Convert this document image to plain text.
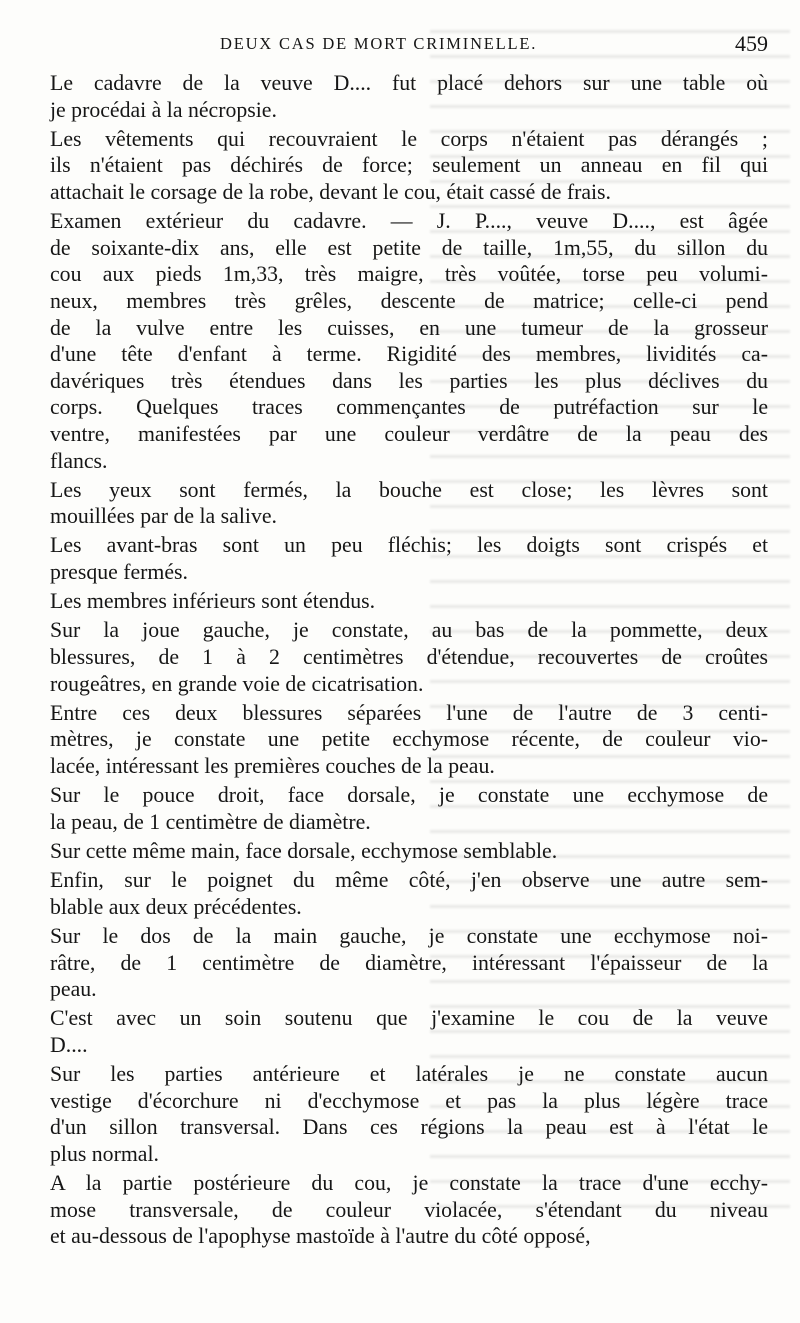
DEUX CAS DE MORT CRIMINELLE.	459
Le cadavre de la veuve D.... fut placé dehors sur une table où
je procédai à la nécropsie.
Les vêtements qui recouvraient le corps n'étaient pas dérangés ;
ils n'étaient pas déchirés de force; seulement un anneau en fil qui
attachait le corsage de la robe, devant le cou, était cassé de frais.
Examen extérieur du cadavre. — J. P...., veuve D...., est âgée
de soixante-dix ans, elle est petite de taille, 1m,55, du sillon du
cou aux pieds 1m,33, très maigre, très voûtée, torse peu volumi-
neux, membres très grêles, descente de matrice; celle-ci pend
de la vulve entre les cuisses, en une tumeur de la grosseur
d'une tête d'enfant à terme. Rigidité des membres, lividités ca-
davériques très étendues dans les parties les plus déclives du
corps. Quelques traces commençantes de putréfaction sur le
ventre, manifestées par une couleur verdâtre de la peau des
flancs.
Les yeux sont fermés, la bouche est close; les lèvres sont
mouillées par de la salive.
Les avant-bras sont un peu fléchis; les doigts sont crispés et
presque fermés.
Les membres inférieurs sont étendus.
Sur la joue gauche, je constate, au bas de la pommette, deux
blessures, de 1 à 2 centimètres d'étendue, recouvertes de croûtes
rougeâtres, en grande voie de cicatrisation.
Entre ces deux blessures séparées l'une de l'autre de 3 centi-
mètres, je constate une petite ecchymose récente, de couleur vio-
lacée, intéressant les premières couches de la peau.
Sur le pouce droit, face dorsale, je constate une ecchymose de
la peau, de 1 centimètre de diamètre.
Sur cette même main, face dorsale, ecchymose semblable.
Enfin, sur le poignet du même côté, j'en observe une autre sem-
blable aux deux précédentes.
Sur le dos de la main gauche, je constate une ecchymose noi-
râtre, de 1 centimètre de diamètre, intéressant l'épaisseur de la
peau.
C'est avec un soin soutenu que j'examine le cou de la veuve
D....
Sur les parties antérieure et latérales je ne constate aucun
vestige d'écorchure ni d'ecchymose et pas la plus légère trace
d'un sillon transversal. Dans ces régions la peau est à l'état le
plus normal.
A la partie postérieure du cou, je constate la trace d'une ecchy-
mose transversale, de couleur violacée, s'étendant du niveau
et au-dessous de l'apophyse mastoïde à l'autre du côté opposé,
